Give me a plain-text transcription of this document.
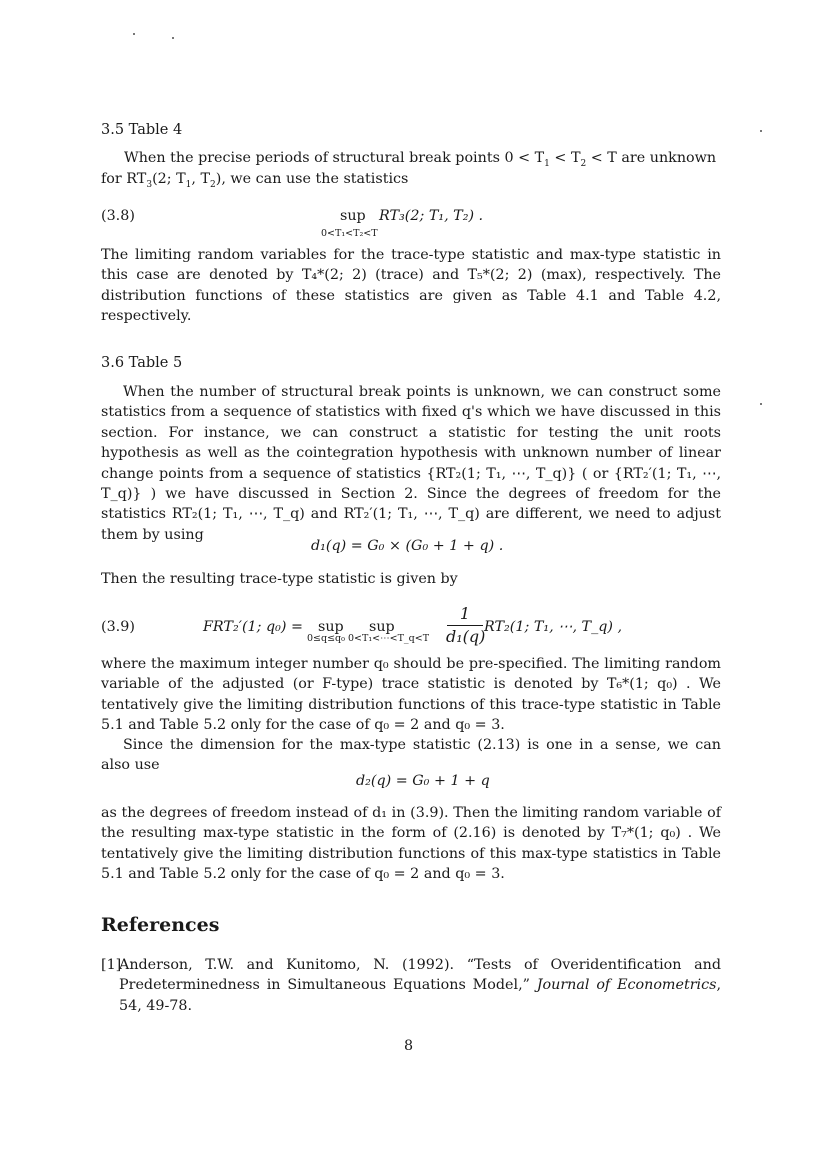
3.5 Table 4
When the precise periods of structural break points $0 < T_1 < T_2 < T$ are unknown
for $RT_3(2$; $T_1$, $T_2$), we can use the statistics
(3.8)	sup
0<T₁<T₂<T
RT₃(2; T₁, T₂) .
The limiting random variables for the trace-type statistic and max-type statistic in this case are denoted by T₄*(2; 2) (trace) and T₅*(2; 2) (max), respectively. The distribution functions of these statistics are given as Table 4.1 and Table 4.2, respectively.
3.6 Table 5
When the number of structural break points is unknown, we can construct some statistics from a sequence of statistics with fixed q's which we have discussed in this section. For instance, we can construct a statistic for testing the unit roots hypothesis as well as the cointegration hypothesis with unknown number of linear change points from a sequence of statistics {RT₂(1; T₁, ⋯, T_q)} ( or {RT₂′(1; T₁, ⋯, T_q)} ) we have discussed in Section 2. Since the degrees of freedom for the statistics RT₂(1; T₁, ⋯, T_q) and RT₂′(1; T₁, ⋯, T_q) are different, we need to adjust them by using
d₁(q) = G₀ × (G₀ + 1 + q) .
Then the resulting trace-type statistic is given by
(3.9)	FRT₂′(1; q₀) = sup
0≤q≤q₀
sup
0<T₁<⋯<T_q<T
1
d₁(q)
RT₂(1; T₁, ⋯, T_q) ,
where the maximum integer number q₀ should be pre-specified. The limiting random variable of the adjusted (or F-type) trace statistic is denoted by T₆*(1; q₀) . We tentatively give the limiting distribution functions of this trace-type statistic in Table 5.1 and Table 5.2 only for the case of q₀ = 2 and q₀ = 3.
Since the dimension for the max-type statistic (2.13) is one in a sense, we can also use
d₂(q) = G₀ + 1 + q
as the degrees of freedom instead of d₁ in (3.9). Then the limiting random variable of the resulting max-type statistic in the form of (2.16) is denoted by T₇*(1; q₀) . We tentatively give the limiting distribution functions of this max-type statistics in Table 5.1 and Table 5.2 only for the case of q₀ = 2 and q₀ = 3.
References
[1]
Anderson, T.W. and Kunitomo, N. (1992). “Tests of Overidentification and Predeterminedness in Simultaneous Equations Model,” Journal of Econometrics, 54, 49-78.
8
